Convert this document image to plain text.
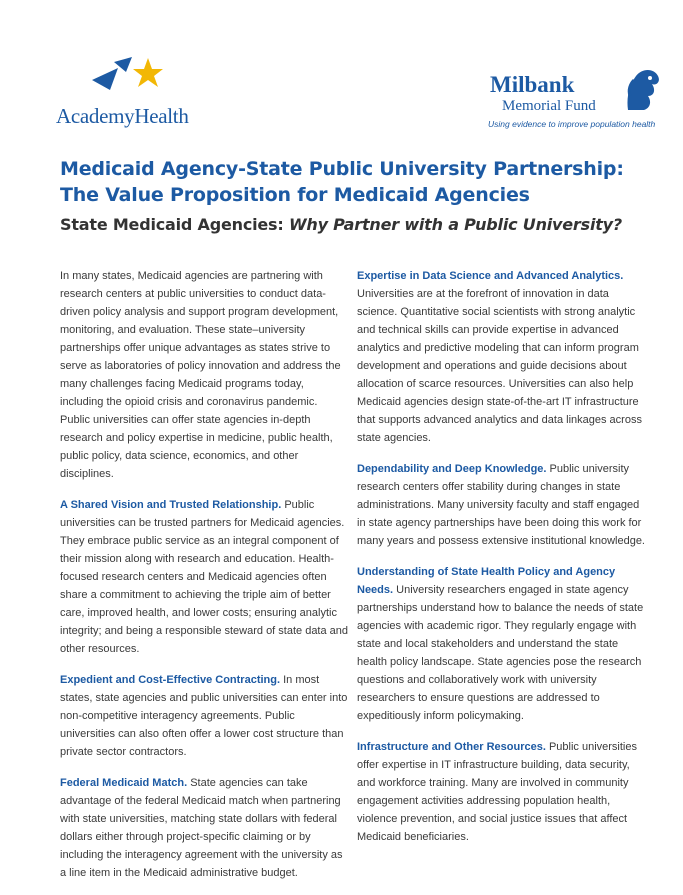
AcademyHealth
Milbank
Memorial Fund
Using evidence to improve population health
Medicaid Agency-State Public University Partnership: The Value Proposition for Medicaid Agencies
State Medicaid Agencies: Why Partner with a Public University?

In many states, Medicaid agencies are partnering with research centers at public universities to conduct data-driven policy analysis and support program development, monitoring, and evaluation. These state–university partnerships offer unique advantages as states strive to serve as laboratories of policy innovation and address the many challenges facing Medicaid programs today, including the opioid crisis and coronavirus pandemic. Public universities can offer state agencies in-depth research and policy expertise in medicine, public health, public policy, data science, economics, and other disciplines.

A Shared Vision and Trusted Relationship. Public universities can be trusted partners for Medicaid agencies. They embrace public service as an integral component of their mission along with research and education. Health-focused research centers and Medicaid agencies often share a commitment to achieving the triple aim of better care, improved health, and lower costs; ensuring analytic integrity; and being a responsible steward of state data and other resources.

Expedient and Cost-Effective Contracting. In most states, state agencies and public universities can enter into non-competitive interagency agreements. Public universities can also often offer a lower cost structure than private sector contractors.

Federal Medicaid Match. State agencies can take advantage of the federal Medicaid match when partnering with state universities, matching state dollars with federal dollars either through project-specific claiming or by including the interagency agreement with the university as a line item in the Medicaid administrative budget.

Expertise in Data Science and Advanced Analytics. Universities are at the forefront of innovation in data science. Quantitative social scientists with strong analytic and technical skills can provide expertise in advanced analytics and predictive modeling that can inform program development and operations and guide decisions about allocation of scarce resources. Universities can also help Medicaid agencies design state-of-the-art IT infrastructure that supports advanced analytics and data linkages across state agencies.

Dependability and Deep Knowledge. Public university research centers offer stability during changes in state administrations. Many university faculty and staff engaged in state agency partnerships have been doing this work for many years and possess extensive institutional knowledge.

Understanding of State Health Policy and Agency Needs. University researchers engaged in state agency partnerships understand how to balance the needs of state agencies with academic rigor. They regularly engage with state and local stakeholders and understand the state health policy landscape. State agencies pose the research questions and collaboratively work with university researchers to ensure questions are addressed to expeditiously inform policymaking.

Infrastructure and Other Resources. Public universities offer expertise in IT infrastructure building, data security, and workforce training. Many are involved in community engagement activities addressing population health, violence prevention, and social justice issues that affect Medicaid beneficiaries.
